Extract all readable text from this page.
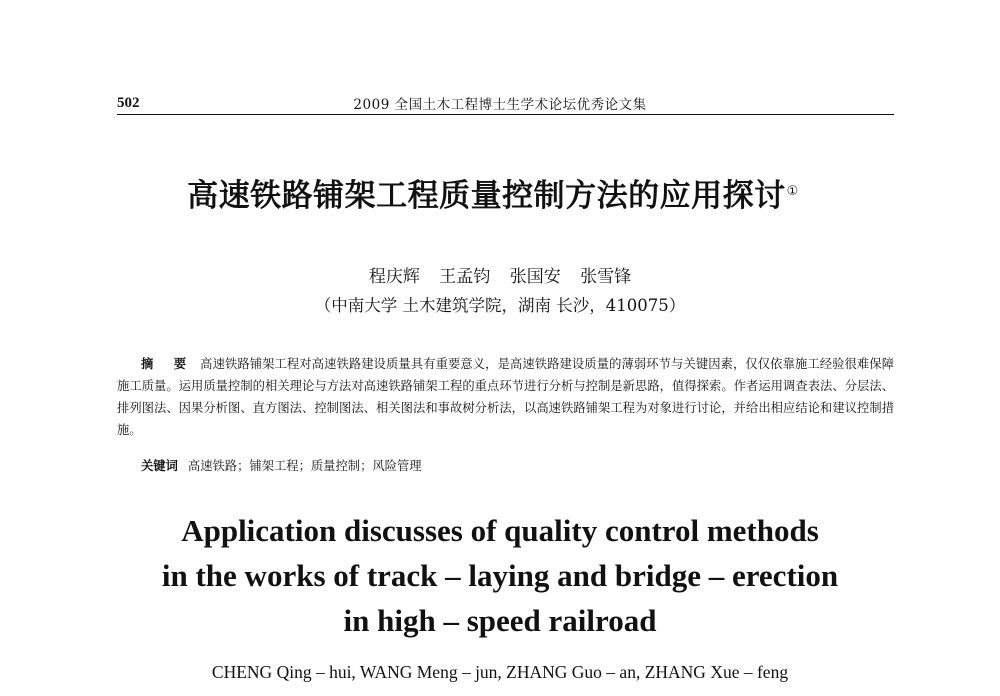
502	2009 全国土木工程博士生学术论坛优秀论文集
高速铁路铺架工程质量控制方法的应用探讨①
程庆辉 王孟钧 张国安 张雪锋
（中南大学 土木建筑学院，湖南 长沙，410075）
摘 要 高速铁路铺架工程对高速铁路建设质量具有重要意义，是高速铁路建设质量的薄弱环节与关键因素，仅仅依靠施工经验很难保障施工质量。运用质量控制的相关理论与方法对高速铁路铺架工程的重点环节进行分析与控制是新思路，值得探索。作者运用调查表法、分层法、排列图法、因果分析图、直方图法、控制图法、相关图法和事故树分析法，以高速铁路铺架工程为对象进行讨论，并给出相应结论和建议控制措施。
关键词 高速铁路；铺架工程；质量控制；风险管理
Application discusses of quality control methods
in the works of track – laying and bridge – erection
in high – speed railroad
CHENG Qing – hui, WANG Meng – jun, ZHANG Guo – an, ZHANG Xue – feng
